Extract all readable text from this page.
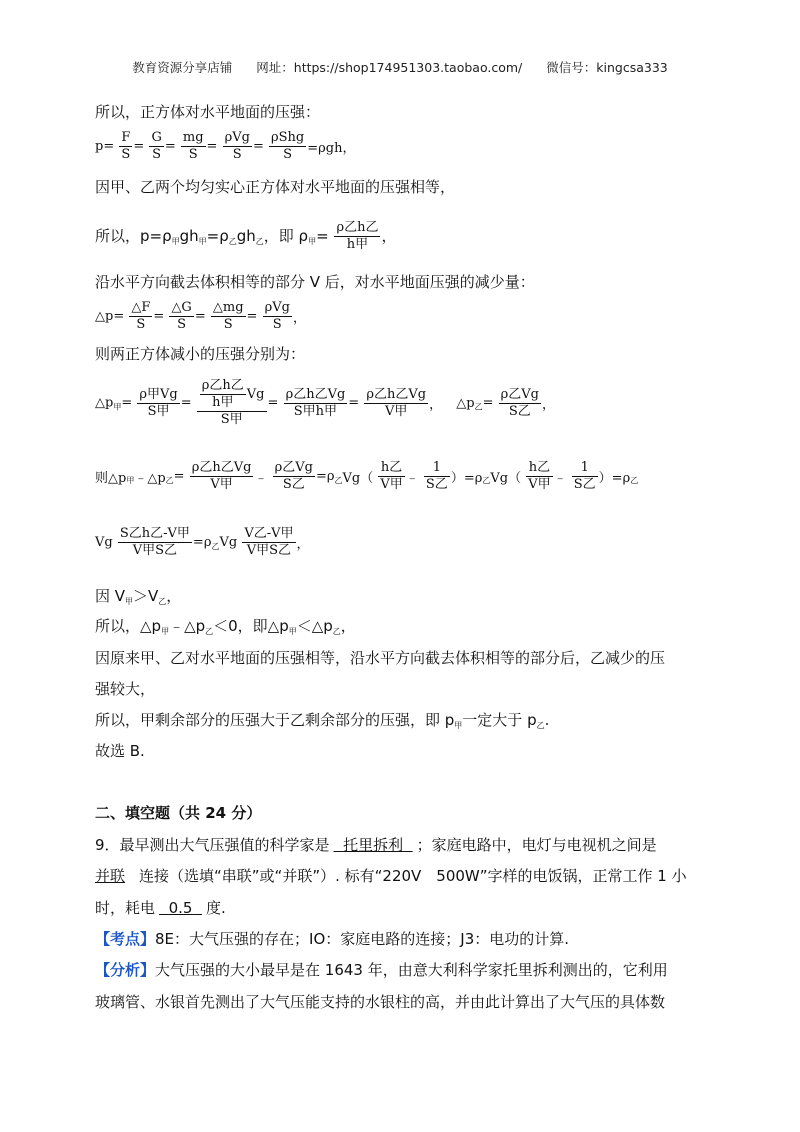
教育资源分享店铺 网址：https://shop174951303.taobao.com/ 微信号：kingcsa333
所以，正方体对水平地面的压强：
$p= \frac{F}{S} = \frac{G}{S} = \frac{mg}{S} = \frac{\text{ρVg}}{S} = \frac{\text{ρShg}}{S} =\rho gh$，
因甲、乙两个均匀实心正方体对水平地面的压强相等，
所以，$p=\rho_甲gh_甲=\rho_乙gh_乙$，即 $\rho_甲= \frac{\text{ρ乙h乙}}{\text{h甲}}$ ，
沿水平方向截去体积相等的部分 V 后，对水平地面压强的减少量：
△p= $\frac{\triangle F}{S} = \frac{\triangle G}{S} = \frac{\triangle mg}{S} = \frac{\text{ρVg}}{S}$ ，
则两正方体减小的压强分别为：
$\triangle p_甲= \frac{\text{ρ甲Vg}}{\text{S甲}} = \frac{\frac{\text{ρ乙h乙}}{\text{h甲}} Vg}{\text{S甲}} = \frac{\text{ρ乙h乙Vg}}{\text{S甲h甲}} = \frac{\text{ρ乙h乙Vg}}{\text{V甲}}$ ， $\triangle p_乙= \frac{\text{ρ乙Vg}}{\text{S乙}}$ ，
则$\triangle p_甲﹣\triangle p_乙= \frac{\text{ρ乙h乙Vg}}{\text{V甲}}$ ﹣ $\frac{\text{ρ乙Vg}}{\text{S乙}} =\rho_乙Vg( \frac{\text{h乙}}{\text{V甲}}$ ﹣ $\frac{1}{\text{S乙}} )=\rho_乙Vg( \frac{\text{h乙}}{\text{V甲}}$ ﹣ $\frac{1}{\text{S乙}} )=\rho_乙$
Vg $\frac{\text{S乙h乙-V甲}}{\text{V甲S乙}} =\rho_乙Vg \frac{\text{V乙-V甲}}{\text{V甲S乙}}$ ，
因 $V_甲>V_乙$，
所以，$\triangle p_甲﹣\triangle p_乙<0$，即$\triangle p_甲<\triangle p_乙$，
因原来甲、乙对水平地面的压强相等，沿水平方向截去体积相等的部分后，乙减少的压
强较大，
所以，甲剩余部分的压强大于乙剩余部分的压强，即 $p_甲$一定大于 $p_乙$.
故选 B.
二、填空题（共 24 分）
9．最早测出大气压强值的科学家是 托里拆利 ；家庭电路中，电灯与电视机之间是
并联 连接（选填“串联”或“并联”）. 标有“220V　500W”字样的电饭锅，正常工作 1 小
时，耗电 0.5 度.
【考点】8E：大气压强的存在；IO：家庭电路的连接；J3：电功的计算.
【分析】大气压强的大小最早是在 1643 年，由意大利科学家托里拆利测出的，它利用
玻璃管、水银首先测出了大气压能支持的水银柱的高，并由此计算出了大气压的具体数
